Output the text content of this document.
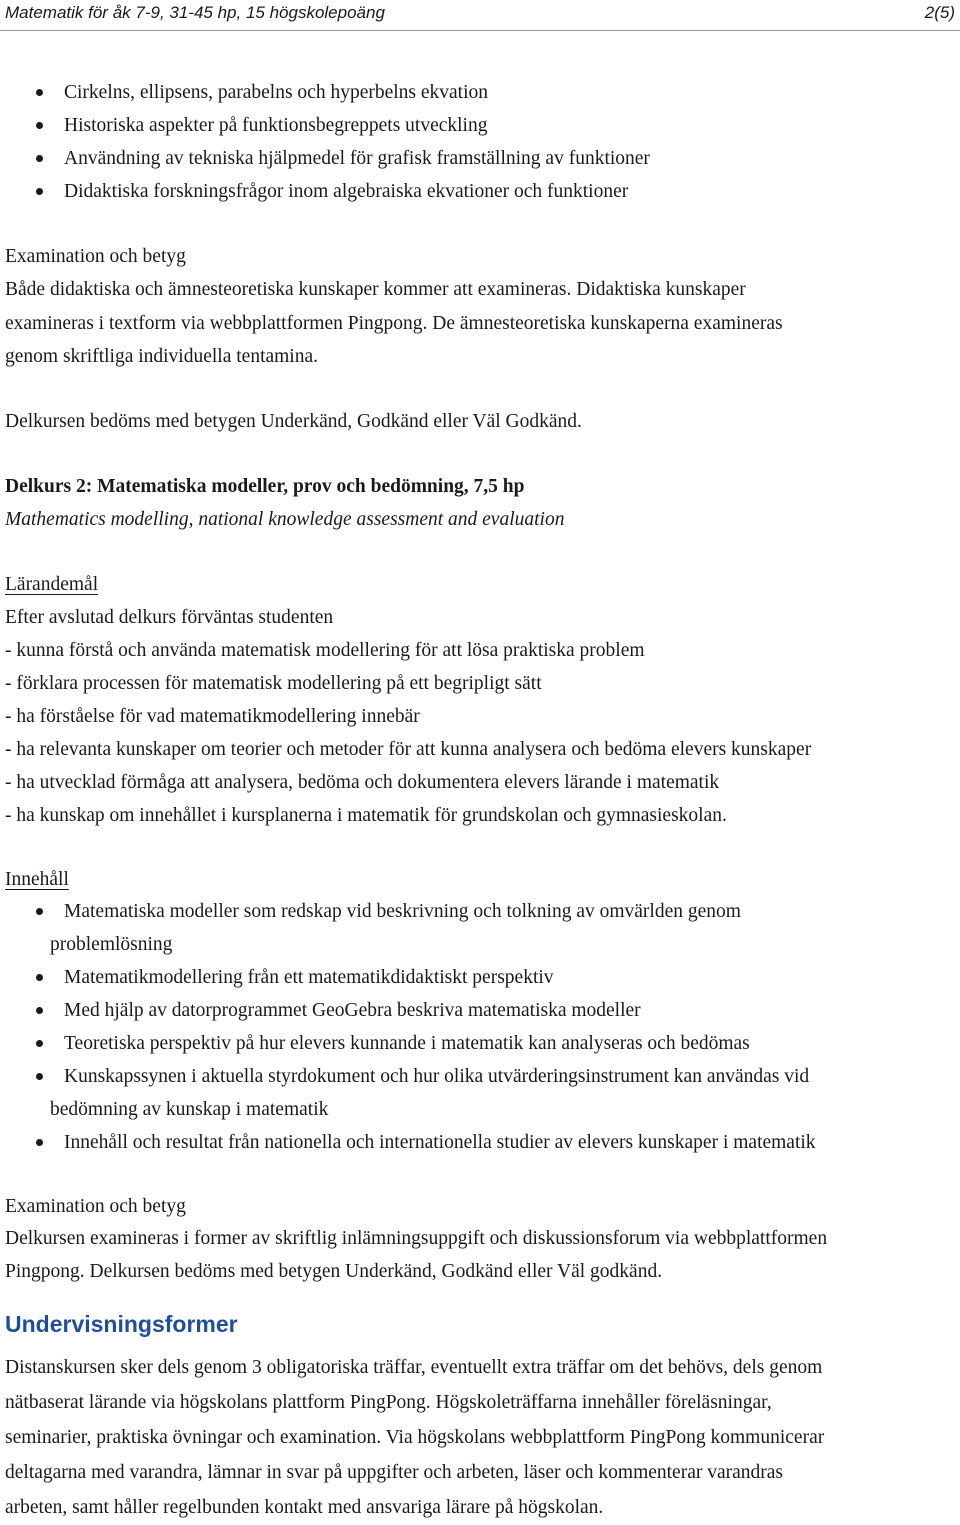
Matematik för åk 7-9, 31-45 hp, 15 högskolepoäng	2(5)
Cirkelns, ellipsens, parabelns och hyperbelns ekvation
Historiska aspekter på funktionsbegreppets utveckling
Användning av tekniska hjälpmedel för grafisk framställning av funktioner
Didaktiska forskningsfrågor inom algebraiska ekvationer och funktioner
Examination och betyg
Både didaktiska och ämnesteoretiska kunskaper kommer att examineras. Didaktiska kunskaper
examineras i textform via webbplattformen Pingpong. De ämnesteoretiska kunskaperna examineras
genom skriftliga individuella tentamina.
Delkursen bedöms med betygen Underkänd, Godkänd eller Väl Godkänd.
Delkurs 2: Matematiska modeller, prov och bedömning, 7,5 hp
Mathematics modelling, national knowledge assessment and evaluation
Lärandemål
Efter avslutad delkurs förväntas studenten
- kunna förstå och använda matematisk modellering för att lösa praktiska problem
- förklara processen för matematisk modellering på ett begripligt sätt
- ha förståelse för vad matematikmodellering innebär
- ha relevanta kunskaper om teorier och metoder för att kunna analysera och bedöma elevers kunskaper
- ha utvecklad förmåga att analysera, bedöma och dokumentera elevers lärande i matematik
- ha kunskap om innehållet i kursplanerna i matematik för grundskolan och gymnasieskolan.
Innehåll
Matematiska modeller som redskap vid beskrivning och tolkning av omvärlden genom
problemlösning
Matematikmodellering från ett matematikdidaktiskt perspektiv
Med hjälp av datorprogrammet GeoGebra beskriva matematiska modeller
Teoretiska perspektiv på hur elevers kunnande i matematik kan analyseras och bedömas
Kunskapssynen i aktuella styrdokument och hur olika utvärderingsinstrument kan användas vid
bedömning av kunskap i matematik
Innehåll och resultat från nationella och internationella studier av elevers kunskaper i matematik
Examination och betyg
Delkursen examineras i former av skriftlig inlämningsuppgift och diskussionsforum via webbplattformen
Pingpong. Delkursen bedöms med betygen Underkänd, Godkänd eller Väl godkänd.
Undervisningsformer
Distanskursen sker dels genom 3 obligatoriska träffar, eventuellt extra träffar om det behövs, dels genom
nätbaserat lärande via högskolans plattform PingPong. Högskoleträffarna innehåller föreläsningar,
seminarier, praktiska övningar och examination. Via högskolans webbplattform PingPong kommunicerar
deltagarna med varandra, lämnar in svar på uppgifter och arbeten, läser och kommenterar varandras
arbeten, samt håller regelbunden kontakt med ansvariga lärare på högskolan.
